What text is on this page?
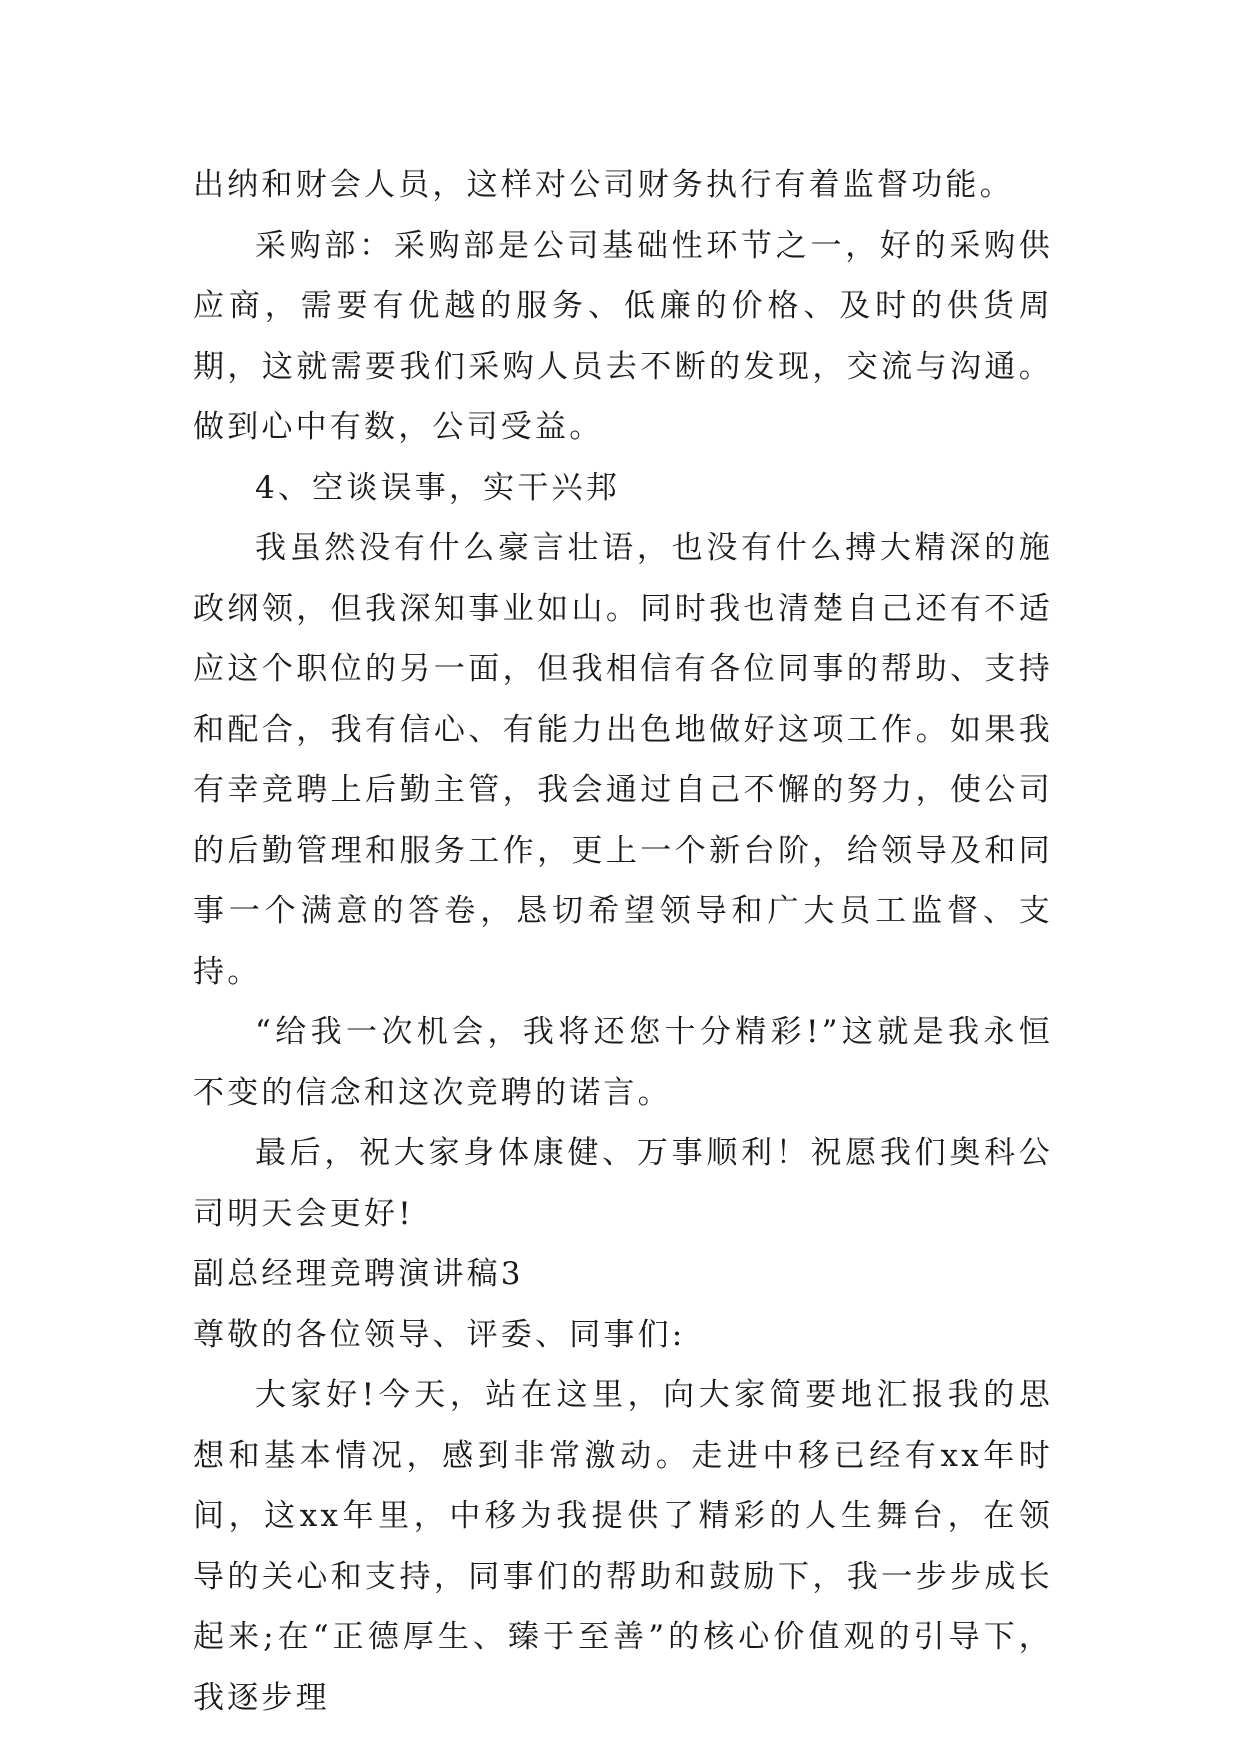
出纳和财会人员，这样对公司财务执行有着监督功能。

采购部：采购部是公司基础性环节之一，好的采购供应商，需要有优越的服务、低廉的价格、及时的供货周期，这就需要我们采购人员去不断的发现，交流与沟通。做到心中有数，公司受益。

4、空谈误事，实干兴邦

我虽然没有什么豪言壮语，也没有什么搏大精深的施政纲领，但我深知事业如山。同时我也清楚自己还有不适应这个职位的另一面，但我相信有各位同事的帮助、支持和配合，我有信心、有能力出色地做好这项工作。如果我有幸竞聘上后勤主管，我会通过自己不懈的努力，使公司的后勤管理和服务工作，更上一个新台阶，给领导及和同事一个满意的答卷，恳切希望领导和广大员工监督、支持。

“给我一次机会，我将还您十分精彩!”这就是我永恒不变的信念和这次竞聘的诺言。

最后，祝大家身体康健、万事顺利！祝愿我们奥科公司明天会更好!

副总经理竞聘演讲稿3

尊敬的各位领导、评委、同事们:

大家好!今天，站在这里，向大家简要地汇报我的思想和基本情况，感到非常激动。走进中移已经有xx年时间，这xx年里，中移为我提供了精彩的人生舞台，在领导的关心和支持，同事们的帮助和鼓励下，我一步步成长起来;在“正德厚生、臻于至善”的核心价值观的引导下，我逐步理
